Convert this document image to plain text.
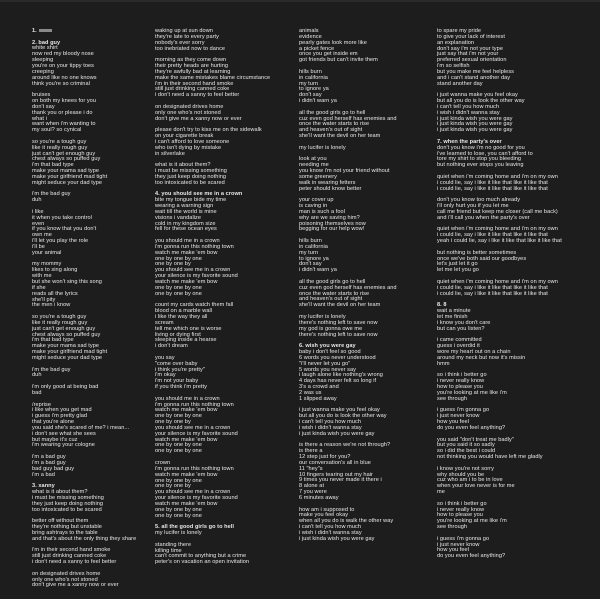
1.
2. bad guy
white shirt
now red my bloody nose
sleeping
you're on your tippy toes
creeping
around like no one knows
think you're so criminal
bruises
on both my knees for you
don't say
thank you or please i do
what i
want when i'm wanting to
my soul? so cynical
so you're a tough guy
like it really rough guy
just can't get enough guy
chest always so puffed guy
i'm that bad type
make your mama sad type
make your girlfriend mad tight
might seduce your dad type
i'm the bad guy
duh
i like
it when you take control
even
if you know that you don't
own me
i'll let you play the role
i'll be
your animal
my mommy
likes to sing along
with me
but she won't sing this song
if she
reads all the lyrics
she'll pity
the men i know
so you're a tough guy
like it really rough guy
just can't get enough guy
chest always so puffed guy
i'm that bad type
make your mama sad type
make your girlfriend mad tight
might seduce your dad type
i'm the bad guy
duh
i'm only good at being bad
bad
/reprise
i like when you get mad
i guess i'm pretty glad
that you're alone
you said she's scared of me? i mean...
i don't see what she sees
but maybe it's cuz
i'm wearing your cologne
i'm a bad guy
i'm a bad guy
bad guy bad guy
i'm a bad
3. xanny
what is it about them?
i must be missing something
they just keep doing nothing
too intoxicated to be scared
better off without them
they're nothing but unstable
bring ashtrays to the table
and that's about the only thing they share
i'm in their second hand smoke
still just drinking canned coke
i don't need a xanny to feel better
on designated drives home
only one who's not stoned
don't give me a xanny now or ever
waking up at sun down
they're late to every party
nobody's ever sorry
too inebriated now to dance
morning as they come down
their pretty heads are hurting
they're awfully bad at learning
make the same mistakes blame circumstance
i'm in their second hand smoke
still just drinking canned coke
i don't need a xanny to feel better
on designated drives home
only one who's not stoned
don't give me a xanny now or ever
please don't try to kiss me on the sidewalk
on your cigarette break
i can't afford to love someone
who isn't dying by mistake
in silverlake
what is it about them?
i must be missing something
they just keep doing nothing
too intoxicated to be scared
4. you should see me in a crown
bite my tongue bide my time
wearing a warning sign
wait till the world is mine
visions i vandalize
cold in my kingdom size
fell for these ocean eyes
you should me in a crown
i'm gonna run this nothing town
watch me make 'em bow
one by one by one
one by one by
you should see me in a crown
your silence is my favorite sound
watch me make 'em bow
one by one by one
one by one by one
count my cards watch them fall
blood on a marble wall
i like the way they all
scream
tell me which one is worse
living or dying first
sleeping inside a hearse
i don't dream
you say
"come over baby
i think you're pretty"
i'm okay
i'm not your baby
if you think i'm pretty
you should me in a crown
i'm gonna run this nothing town
watch me make 'em bow
one by one by one
one by one by
you should see me in a crown
your silence is my favorite sound
watch me make 'em bow
one by one by one
one by one by one
crown
i'm gonna run this nothing town
watch me make 'em bow
one by one by one
one by one by
you should see me in a crown
your silence is my favorite sound
watch me make 'em bow
one by one by one
one by one by one
5. all the good girls go to hell
my lucifer is lonely
standing there
killing time
can't commit to anything but a crime
peter's on vacation an open invitation
animals
evidence
pearly gates look more like
a picket fence
once you get inside em
got friends but can't invite them
hills burn
in california
my turn
to ignore ya
don't say
i didn't warn ya
all the good girls go to hell
cuz even god herself has enemies and
once the water starts to rise
and heaven's out of sight
she'll want the devil on her team
my lucifer is lonely
look at you
needing me
you know i'm not your friend without
some greenery
walk in wearing fetters
peter should know better
your cover up
is caving in
man is such a fool
why are we saving him?
poisoning themselves now
begging for our help wow!
hills burn
in california
my turn
to ignore ya
don't say
i didn't warn ya
all the good girls go to hell
cuz even god herself has enemies and
once the water starts to rise
and heaven's out of sight
she'll want the devil on her team
my lucifer is lonely
there's nothing left to save now
my god is gonna owe me
there's nothing left to save now
6. wish you were gay
baby i don't feel so good
6 words you never understood
"i'll never let you go"
5 words you never say
i laugh alone like nothing's wrong
4 days has never felt so long if
3's a crowd and
2 was us
1 slipped away
i just wanna make you feel okay
but all you do is look the other way
i can't tell you how much
i wish i didn't wanna stay
i just kinda wish you were gay
is there a reason we're not through?
is there a
12 step just for you?
our conversation's all in blue
11 "hey"s
10 fingers tearing out my hair
9 times you never made it there i
8 alone at
7 you were
6 minutes away
how am i supposed to
make you feel okay
when all you do is walk the other way
i can't tell you how much
i wish i didn't wanna stay
i just kinda wish you were gay
to spare my pride
to give your lack of interest
an explanation
don't say i'm not your type
just say that i'm not your
preferred sexual orientation
i'm so selfish
but you make me feel helpless
and i can't stand another day
stand another day
i just wanna make you feel okay
but all you do is look the other way
i can't tell you how much
i wish i didn't wanna stay
i just kinda wish you were gay
i just kinda wish you were gay
i just kinda wish you were gay
7. when the party's over
don't you know i'm no good for you
i've learned to lose, you can't afford to
tore my shirt to stop you bleeding
but nothing ever stops you leaving
quiet when i'm coming home and i'm on my own
i could lie, say i like it like that like it like that
i could lie, say i like it like that like it like that
don't you know too much already
i'll only hurt you if you let me
call me friend but keep me closer (call me back)
and i'll call you when the party's over
quiet when i'm coming home and i'm on my own
i could lie, say i like it like that like it like that
yeah i could lie, say i like it like that like it like that
but nothing is better sometimes
once we've both said our goodbyes
let's just let it go
let me let you go
quiet when i'm coming home and i'm on my own
i could lie, say i like it like that like it like that
i could lie, say i like it like that like it like that
8. 8
wait a minute
let me finish
i know you don't care
but can you listen?
i came committed
guess i overdid it
wore my heart out on a chain
around my neck but now it's missin
hmm
so i think i better go
i never really know
how to please you
you're looking at me like i'm
see through
i guess i'm gonna go
i just never know
how you feel
do you even feel anything?
you said "don't treat me badly"
but you said it so sadly
so i did the best i could
not thinking you would have left me gladly
i know you're not sorry
why should you be
cuz who am i to be in love
when your love never is for me
me
so i think i better go
i never really know
how to please you
you're looking at me like i'm
see through
i guess i'm gonna go
i just never know
how you feel
do you even feel anything?
